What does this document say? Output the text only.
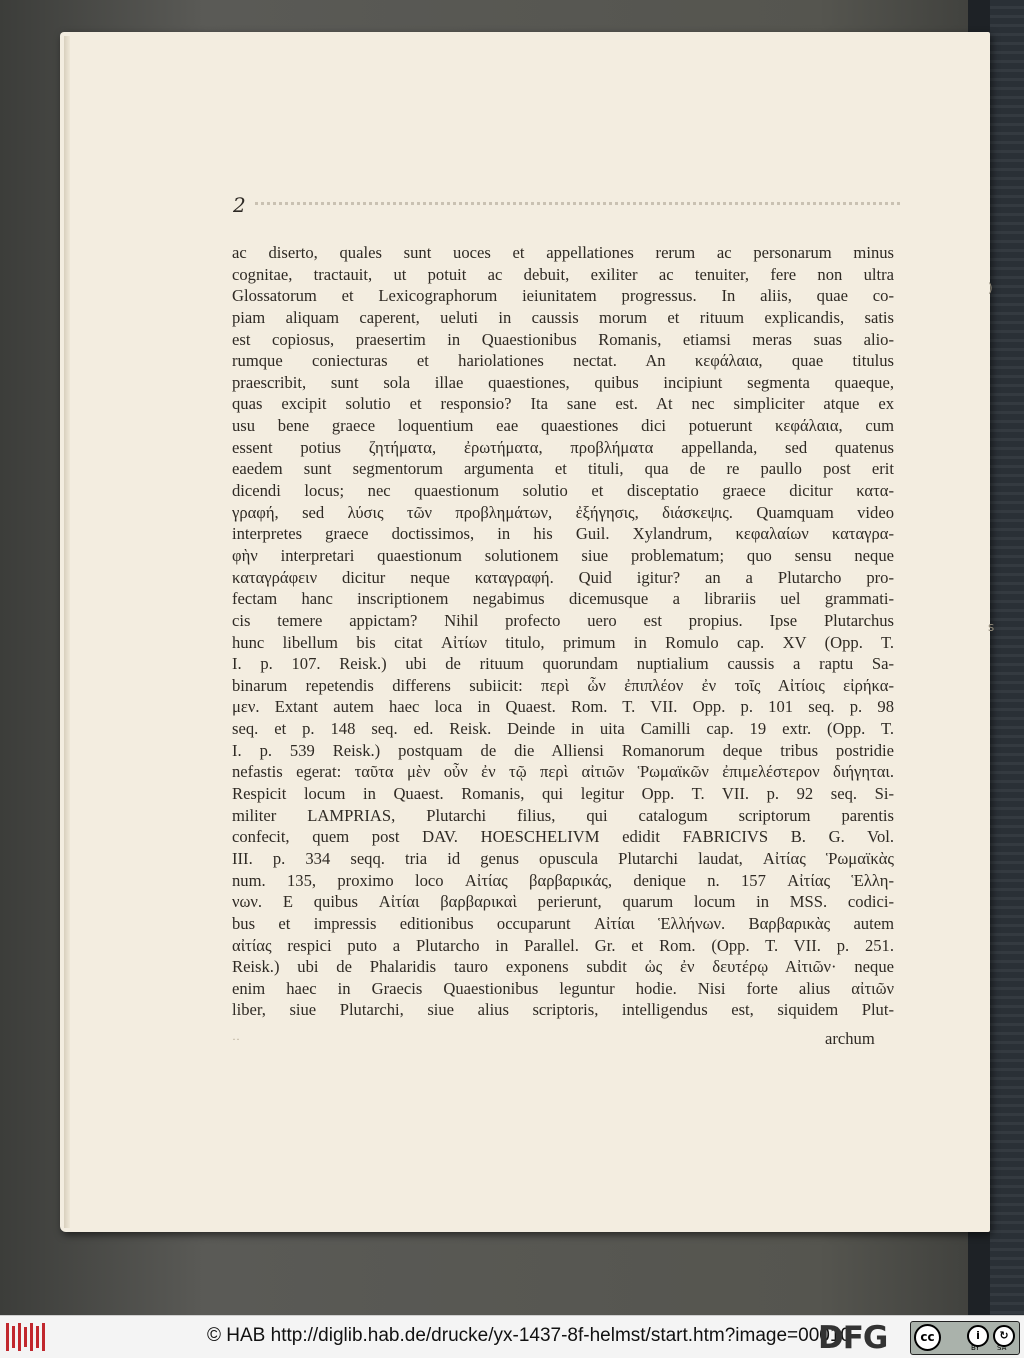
2
ac diserto, quales sunt uoces et appellationes rerum ac personarum minus
cognitae, tractauit, ut potuit ac debuit, exiliter ac tenuiter, fere non ultra
Glossatorum et Lexicographorum ieiunitatem progressus. In aliis, quae co-
piam aliquam caperent, ueluti in caussis morum et rituum explicandis, satis
est copiosus, praesertim in Quaestionibus Romanis, etiamsi meras suas alio-
rumque coniecturas et hariolationes nectat. An κεφάλαια, quae titulus
praescribit, sunt sola illae quaestiones, quibus incipiunt segmenta quaeque,
quas excipit solutio et responsio? Ita sane est. At nec simpliciter atque ex
usu bene graece loquentium eae quaestiones dici potuerunt κεφάλαια, cum
essent potius ζητήματα, ἐρωτήματα, προβλήματα appellanda, sed quatenus
eaedem sunt segmentorum argumenta et tituli, qua de re paullo post erit
dicendi locus; nec quaestionum solutio et disceptatio graece dicitur κατα-
γραφή, sed λύσις τῶν προβλημάτων, ἐξήγησις, διάσκεψις. Quamquam video
interpretes graece doctissimos, in his Guil. Xylandrum, κεφαλαίων καταγρα-
φὴν interpretari quaestionum solutionem siue problematum; quo sensu neque
καταγράφειν dicitur neque καταγραφή. Quid igitur? an a Plutarcho pro-
fectam hanc inscriptionem negabimus dicemusque a librariis uel grammati-
cis temere appictam? Nihil profecto uero est propius. Ipse Plutarchus
hunc libellum bis citat Αἰτίων titulo, primum in Romulo cap. XV (Opp. T.
I. p. 107. Reisk.) ubi de rituum quorundam nuptialium caussis a raptu Sa-
binarum repetendis differens subiicit: περὶ ὧν ἐπιπλέον ἐν τοῖς Αἰτίοις εἰρήκα-
μεν. Extant autem haec loca in Quaest. Rom. T. VII. Opp. p. 101 seq. p. 98
seq. et p. 148 seq. ed. Reisk. Deinde in uita Camilli cap. 19 extr. (Opp. T.
I. p. 539 Reisk.) postquam de die Alliensi Romanorum deque tribus postridie
nefastis egerat: ταῦτα μὲν οὖν ἐν τῷ περὶ αἰτιῶν Ῥωμαϊκῶν ἐπιμελέστερον διήγηται.
Respicit locum in Quaest. Romanis, qui legitur Opp. T. VII. p. 92 seq. Si-
militer LAMPRIAS, Plutarchi filius, qui catalogum scriptorum parentis
confecit, quem post DAV. HOESCHELIVM edidit FABRICIVS B. G. Vol.
III. p. 334 seqq. tria id genus opuscula Plutarchi laudat, Αἰτίας Ῥωμαϊκὰς
num. 135, proximo loco Αἰτίας βαρβαρικάς, denique n. 157 Αἰτίας Ἑλλη-
νων. E quibus Αἰτίαι βαρβαρικαὶ perierunt, quarum locum in MSS. codici-
bus et impressis editionibus occuparunt Αἰτίαι Ἑλλήνων. Βαρβαρικὰς autem
αἰτίας respici puto a Plutarcho in Parallel. Gr. et Rom. (Opp. T. VII. p. 251.
Reisk.) ubi de Phalaridis tauro exponens subdit ὡς ἐν δευτέρῳ Αἰτιῶν· neque
enim haec in Graecis Quaestionibus leguntur hodie. Nisi forte alius αἰτιῶν
liber, siue Plutarchi, siue alius scriptoris, intelligendus est, siquidem Plut-
··	archum
)
s
© HAB http://diglib.hab.de/drucke/yx-1437-8f-helmst/start.htm?image=00010
DFG	cc	i	↻
BY SA
